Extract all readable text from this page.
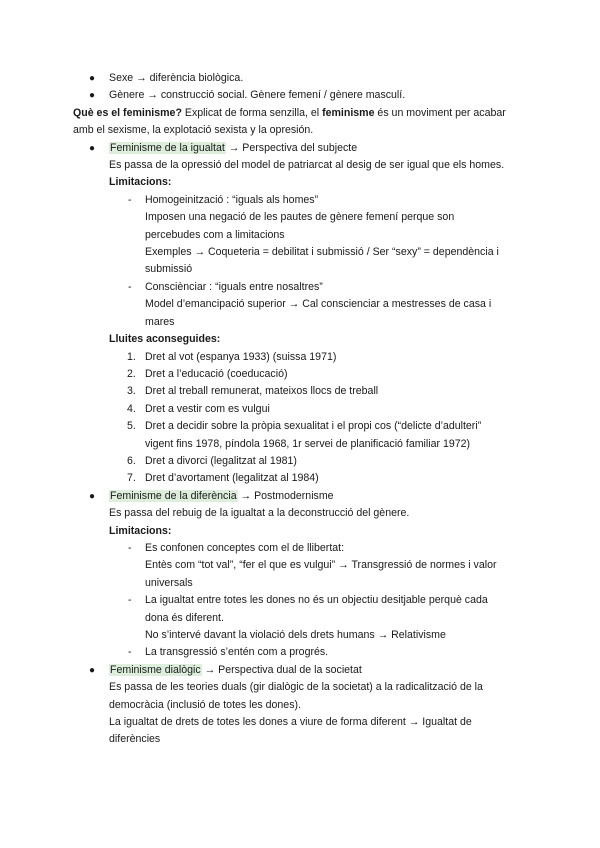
● Sexe → diferència biològica.
● Gènere → construcció social. Gènere femení / gènere masculí.
Què es el feminisme? Explicat de forma senzilla, el feminisme és un moviment per acabar
amb el sexisme, la explotació sexista y la opresión.
● Feminisme de la igualtat → Perspectiva del subjecte
Es passa de la opressió del model de patriarcat al desig de ser igual que els homes.
Limitacions:
- Homogeinització : “iguals als homes”
Imposen una negació de les pautes de gènere femení perque son
percebudes com a limitacions
Exemples → Coqueteria = debilitat i submissió / Ser “sexy” = dependència i
submissió
- Consciènciar : “iguals entre nosaltres”
Model d’emancipació superior → Cal conscienciar a mestresses de casa i
mares
Lluites aconseguides:
1. Dret al vot (espanya 1933) (suissa 1971)
2. Dret a l’educació (coeducació)
3. Dret al treball remunerat, mateixos llocs de treball
4. Dret a vestir com es vulgui
5. Dret a decidir sobre la pròpia sexualitat i el propi cos (“delicte d’adulteri”
vigent fins 1978, píndola 1968, 1r servei de planificació familiar 1972)
6. Dret a divorci (legalitzat al 1981)
7. Dret d’avortament (legalitzat al 1984)
● Feminisme de la diferència → Postmodernisme
Es passa del rebuig de la igualtat a la deconstrucció del gènere.
Limitacions:
- Es confonen conceptes com el de llibertat:
Entès com “tot val”, “fer el que es vulgui” → Transgressió de normes i valor
universals
- La igualtat entre totes les dones no és un objectiu desitjable perquè cada
dona és diferent.
No s’intervé davant la violació dels drets humans → Relativisme
- La transgressió s’entén com a progrés.
● Feminisme dialògic → Perspectiva dual de la societat
Es passa de les teories duals (gir dialògic de la societat) a la radicalització de la
democràcia (inclusió de totes les dones).
La igualtat de drets de totes les dones a viure de forma diferent → Igualtat de
diferències
